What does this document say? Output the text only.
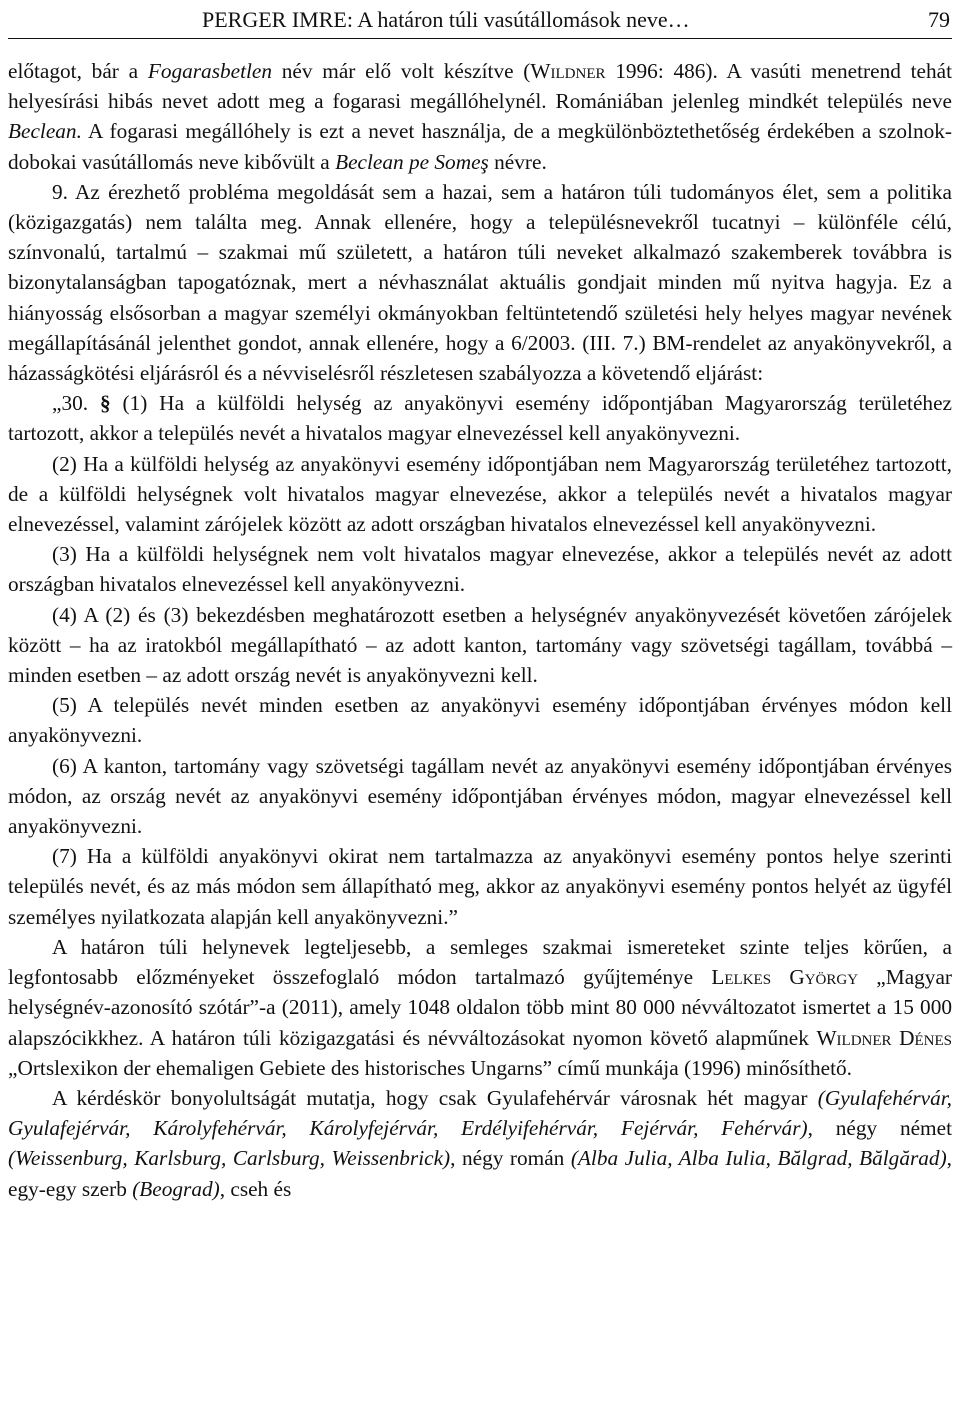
PERGER IMRE: A határon túli vasútállomások neve…	79

előtagot, bár a Fogarasbetlen név már elő volt készítve (Wildner 1996: 486). A vasúti menetrend tehát helyesírási hibás nevet adott meg a fogarasi megállóhelynél. Romániában jelenleg mindkét település neve Beclean. A fogarasi megállóhely is ezt a nevet használja, de a megkülönböztethetőség érdekében a szolnok-dobokai vasútállomás neve kibővült a Beclean pe Someş névre.

9. Az érezhető probléma megoldását sem a hazai, sem a határon túli tudományos élet, sem a politika (közigazgatás) nem találta meg. Annak ellenére, hogy a településnevekről tucatnyi – különféle célú, színvonalú, tartalmú – szakmai mű született, a határon túli neveket alkalmazó szakemberek továbbra is bizonytalanságban tapogatóznak, mert a névhasználat aktuális gondjait minden mű nyitva hagyja. Ez a hiányosság elsősorban a magyar személyi okmányokban feltüntetendő születési hely helyes magyar nevének megállapításánál jelenthet gondot, annak ellenére, hogy a 6/2003. (III. 7.) BM-rendelet az anyakönyvekről, a házasságkötési eljárásról és a névviselésről részletesen szabályozza a követendő eljárást:

„30. § (1) Ha a külföldi helység az anyakönyvi esemény időpontjában Magyarország területéhez tartozott, akkor a település nevét a hivatalos magyar elnevezéssel kell anyakönyvezni.

(2) Ha a külföldi helység az anyakönyvi esemény időpontjában nem Magyarország területéhez tartozott, de a külföldi helységnek volt hivatalos magyar elnevezése, akkor a település nevét a hivatalos magyar elnevezéssel, valamint zárójelek között az adott országban hivatalos elnevezéssel kell anyakönyvezni.

(3) Ha a külföldi helységnek nem volt hivatalos magyar elnevezése, akkor a település nevét az adott országban hivatalos elnevezéssel kell anyakönyvezni.

(4) A (2) és (3) bekezdésben meghatározott esetben a helységnév anyakönyvezését követően zárójelek között – ha az iratokból megállapítható – az adott kanton, tartomány vagy szövetségi tagállam, továbbá – minden esetben – az adott ország nevét is anyakönyvezni kell.

(5) A település nevét minden esetben az anyakönyvi esemény időpontjában érvényes módon kell anyakönyvezni.

(6) A kanton, tartomány vagy szövetségi tagállam nevét az anyakönyvi esemény időpontjában érvényes módon, az ország nevét az anyakönyvi esemény időpontjában érvényes módon, magyar elnevezéssel kell anyakönyvezni.

(7) Ha a külföldi anyakönyvi okirat nem tartalmazza az anyakönyvi esemény pontos helye szerinti település nevét, és az más módon sem állapítható meg, akkor az anyakönyvi esemény pontos helyét az ügyfél személyes nyilatkozata alapján kell anyakönyvezni.”

A határon túli helynevek legteljesebb, a semleges szakmai ismereteket szinte teljes körűen, a legfontosabb előzményeket összefoglaló módon tartalmazó gyűjteménye Lelkes György „Magyar helységnév-azonosító szótár”-a (2011), amely 1048 oldalon több mint 80 000 névváltozatot ismertet a 15 000 alapszócikkhez. A határon túli közigazgatási és névváltozásokat nyomon követő alapműnek Wildner Dénes „Ortslexikon der ehemaligen Gebiete des historisches Ungarns” című munkája (1996) minősíthető.

A kérdéskör bonyolultságát mutatja, hogy csak Gyulafehérvár városnak hét magyar (Gyulafehérvár, Gyulafejérvár, Károlyfehérvár, Károlyfejérvár, Erdélyifehérvár, Fejérvár, Fehérvár), négy német (Weissenburg, Karlsburg, Carlsburg, Weissenbrick), négy román (Alba Julia, Alba Iulia, Bălgrad, Bălgărad), egy-egy szerb (Beograd), cseh és
